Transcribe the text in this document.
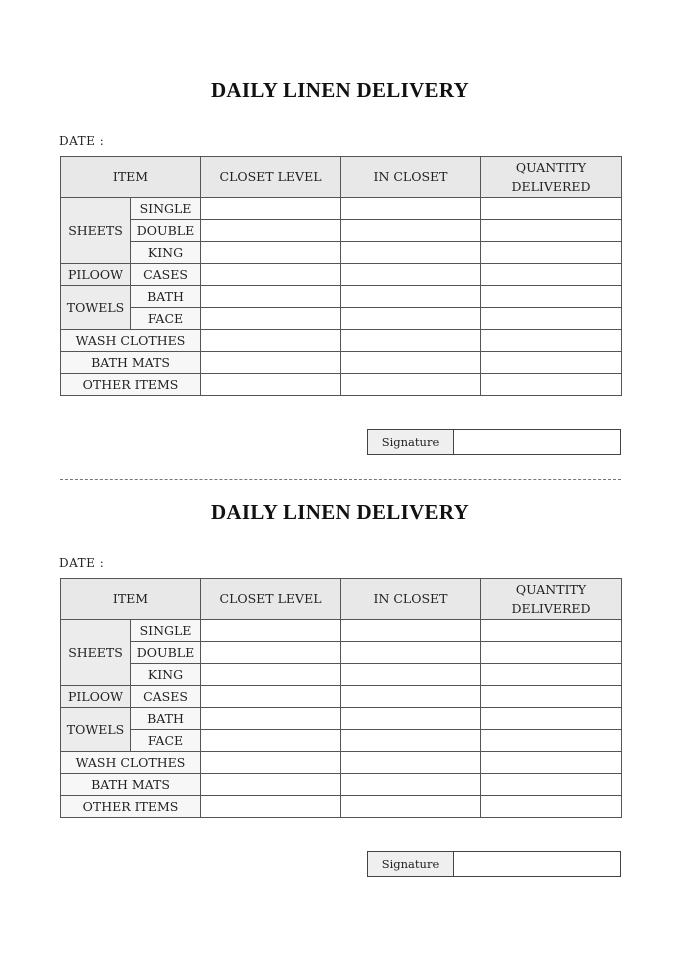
DAILY LINEN DELIVERY
DATE :
ITEM		CLOSET LEVEL	IN CLOSET	QUANTITY
DELIVERED
SHEETS	SINGLE			
	DOUBLE			
	KING			
PILOOW	CASES			
TOWELS	BATH			
	FACE			
WASH CLOTHES				
BATH MATS				
OTHER ITEMS				
Signature	
DAILY LINEN DELIVERY
DATE :
ITEM		CLOSET LEVEL	IN CLOSET	QUANTITY
DELIVERED
SHEETS	SINGLE			
	DOUBLE			
	KING			
PILOOW	CASES			
TOWELS	BATH			
	FACE			
WASH CLOTHES				
BATH MATS				
OTHER ITEMS				
Signature	
